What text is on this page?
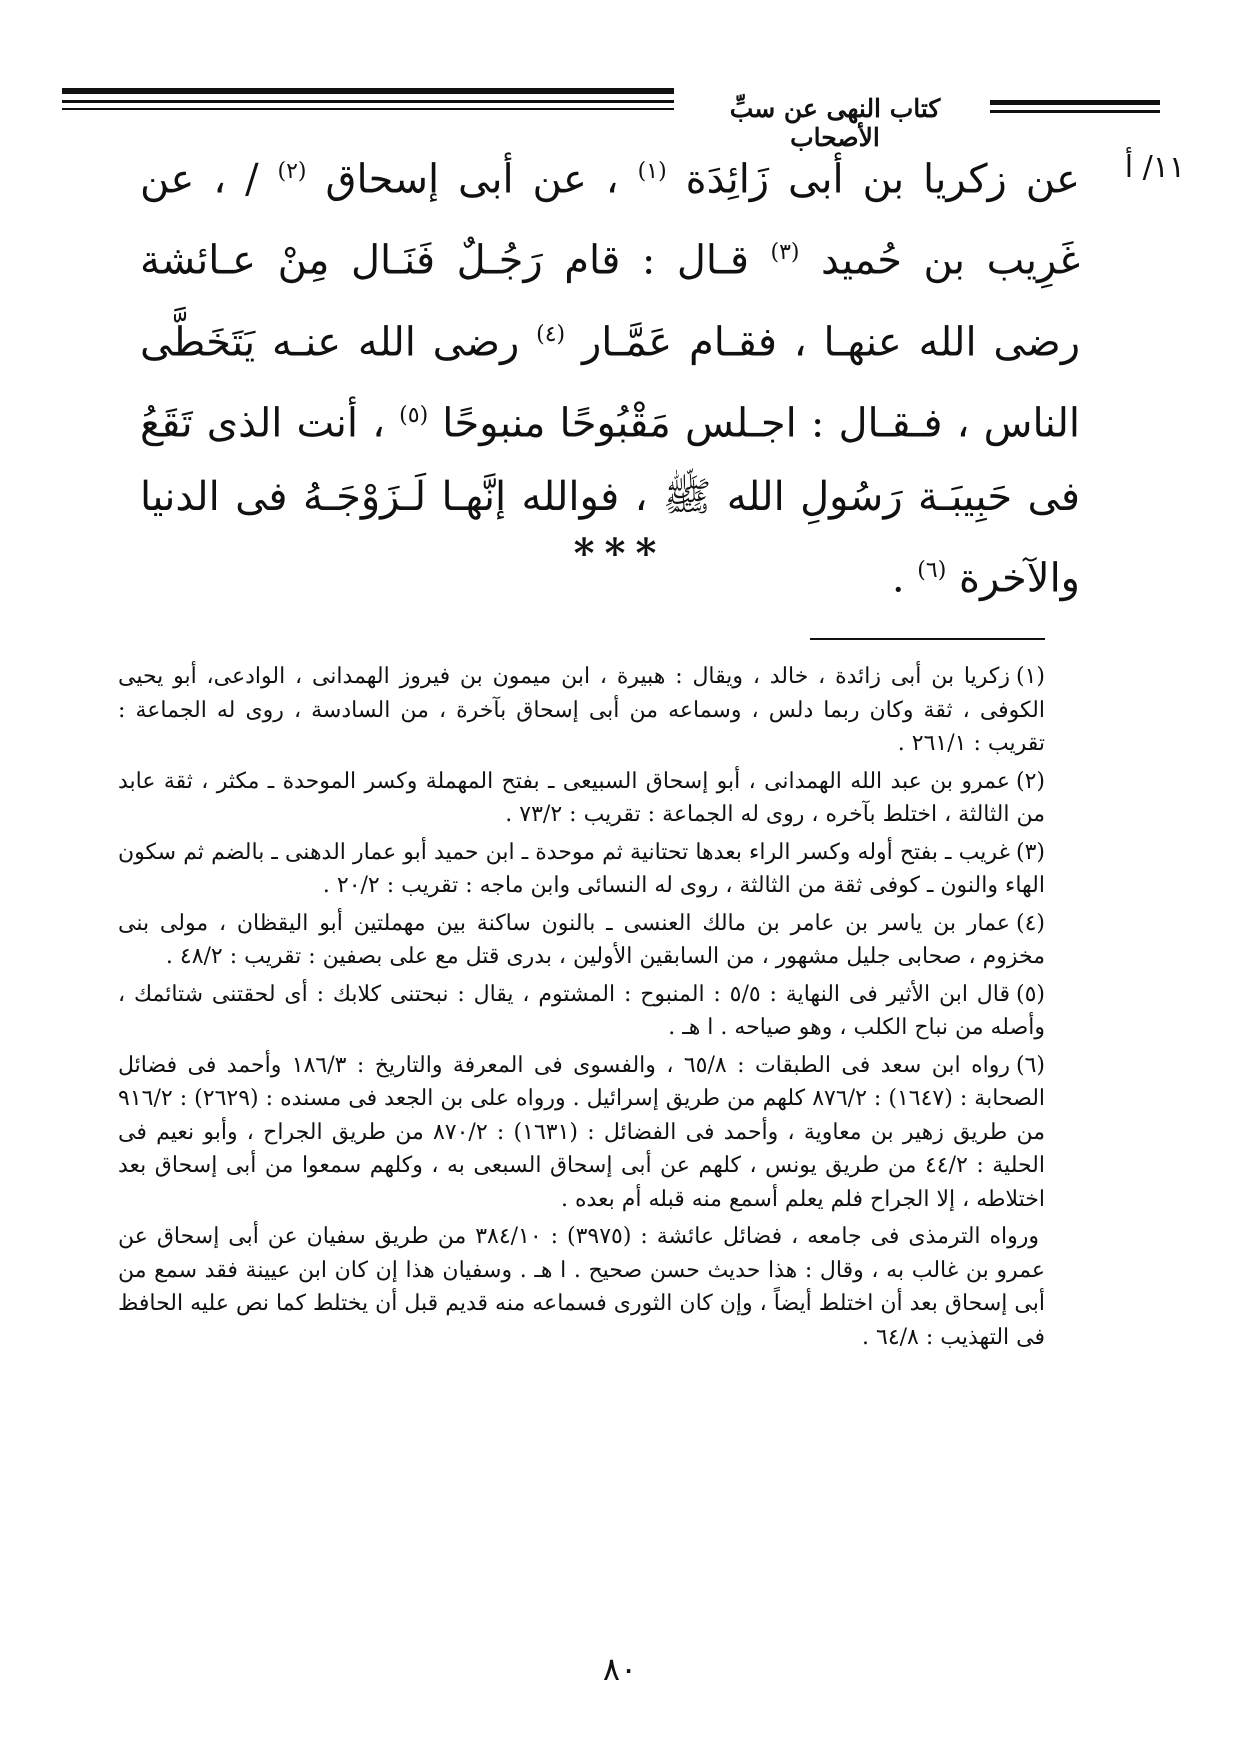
كتاب النهى عن سبِّ الأصحاب
١١/ أ
عن زكريا بن أبى زَائِدَة $^{(١)}$ ، عن أبى إسحاق $^{(٢)}$ / ، عن غَرِيب بن حُميد $^{(٣)}$ قـال : قام رَجُـلٌ فَنَـال مِنْ عـائشة رضى الله عنهـا ، فقـام عَمَّـار $^{(٤)}$ رضى الله عنـه يَتَخَطَّى الناس ، فـقـال : اجـلس مَقْبُوحًا منبوحًا $^{(٥)}$ ، أنت الذى تَقَعُ فى حَبِيبَـة رَسُولِ الله ﷺ ، فوالله إنَّهـا لَـزَوْجَـهُ فى الدنيا والآخرة $^{(٦)}$ .
***

(١)زكريا بن أبى زائدة ، خالد ، ويقال : هبيرة ، ابن ميمون بن فيروز الهمدانى ، الوادعى، أبو يحيى الكوفى ، ثقة وكان ربما دلس ، وسماعه من أبى إسحاق بآخرة ، من السادسة ، روى له الجماعة : تقريب : ٢٦١/١ .

(٢)عمرو بن عبد الله الهمدانى ، أبو إسحاق السبيعى ـ بفتح المهملة وكسر الموحدة ـ مكثر ، ثقة عابد من الثالثة ، اختلط بآخره ، روى له الجماعة : تقريب : ٧٣/٢ .

(٣)غريب ـ بفتح أوله وكسر الراء بعدها تحتانية ثم موحدة ـ ابن حميد أبو عمار الدهنى ـ بالضم ثم سكون الهاء والنون ـ كوفى ثقة من الثالثة ، روى له النسائى وابن ماجه : تقريب : ٢٠/٢ .

(٤)عمار بن ياسر بن عامر بن مالك العنسى ـ بالنون ساكنة بين مهملتين أبو اليقظان ، مولى بنى مخزوم ، صحابى جليل مشهور ، من السابقين الأولين ، بدرى قتل مع على بصفين : تقريب : ٤٨/٢ .

(٥)قال ابن الأثير فى النهاية : ٥/٥ : المنبوح : المشتوم ، يقال : نبحتنى كلابك : أى لحقتنى شتائمك ، وأصله من نباح الكلب ، وهو صياحه . ا هـ .

(٦)رواه ابن سعد فى الطبقات : ٦٥/٨ ، والفسوى فى المعرفة والتاريخ : ١٨٦/٣ وأحمد فى فضائل الصحابة : (١٦٤٧) : ٨٧٦/٢ كلهم من طريق إسرائيل . ورواه على بن الجعد فى مسنده : (٢٦٢٩) : ٩١٦/٢ من طريق زهير بن معاوية ، وأحمد فى الفضائل : (١٦٣١) : ٨٧٠/٢ من طريق الجراح ، وأبو نعيم فى الحلية : ٤٤/٢ من طريق يونس ، كلهم عن أبى إسحاق السبعى به ، وكلهم سمعوا من أبى إسحاق بعد اختلاطه ، إلا الجراح فلم يعلم أسمع منه قبله أم بعده .

ورواه الترمذى فى جامعه ، فضائل عائشة : (٣٩٧٥) : ٣٨٤/١٠ من طريق سفيان عن أبى إسحاق عن عمرو بن غالب به ، وقال : هذا حديث حسن صحيح . ا هـ . وسفيان هذا إن كان ابن عيينة فقد سمع من أبى إسحاق بعد أن اختلط أيضاً ، وإن كان الثورى فسماعه منه قديم قبل أن يختلط كما نص عليه الحافظ فى التهذيب : ٦٤/٨ .

٨٠
